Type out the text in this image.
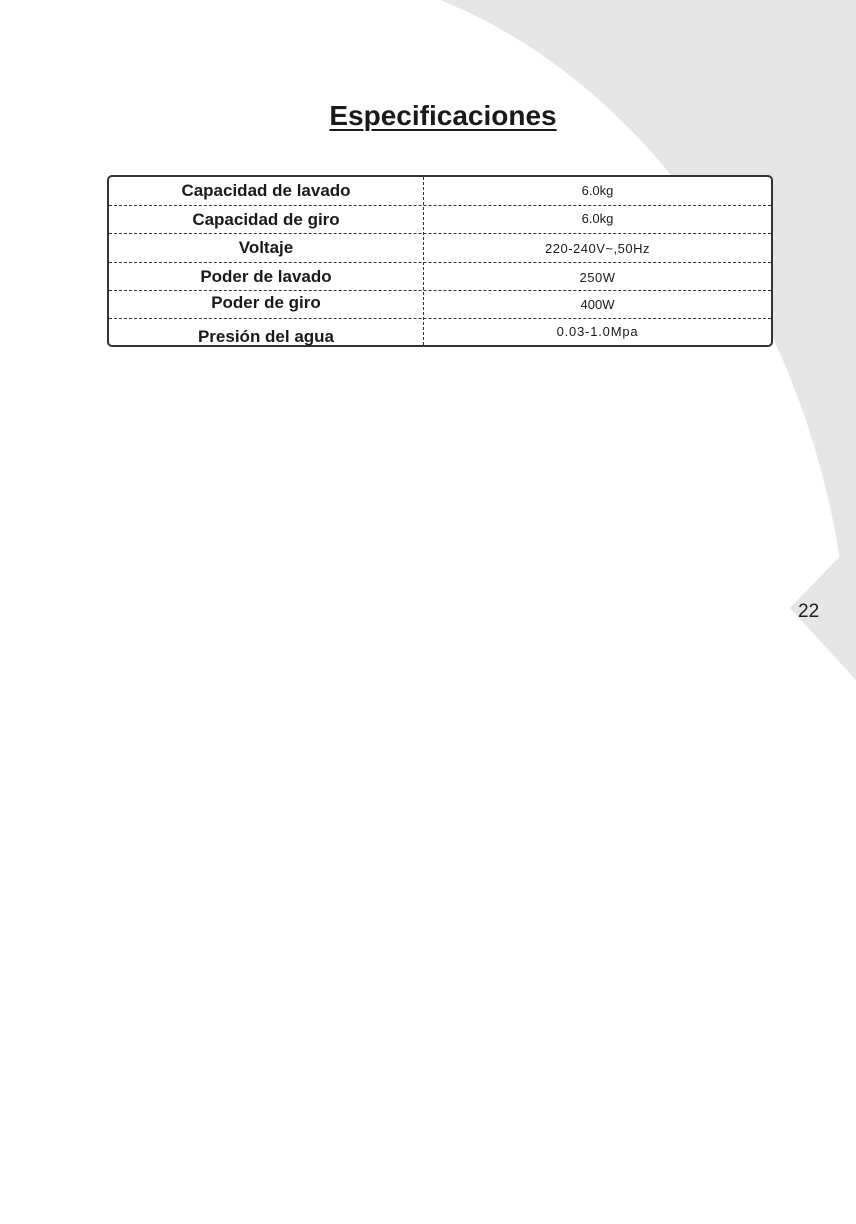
Especificaciones
Capacidad de lavado	6.0kg
Capacidad de giro	6.0kg
Voltaje	220-240V~,50Hz
Poder de lavado	250W
Poder de giro	400W
Presión del agua	0.03-1.0Mpa
22
